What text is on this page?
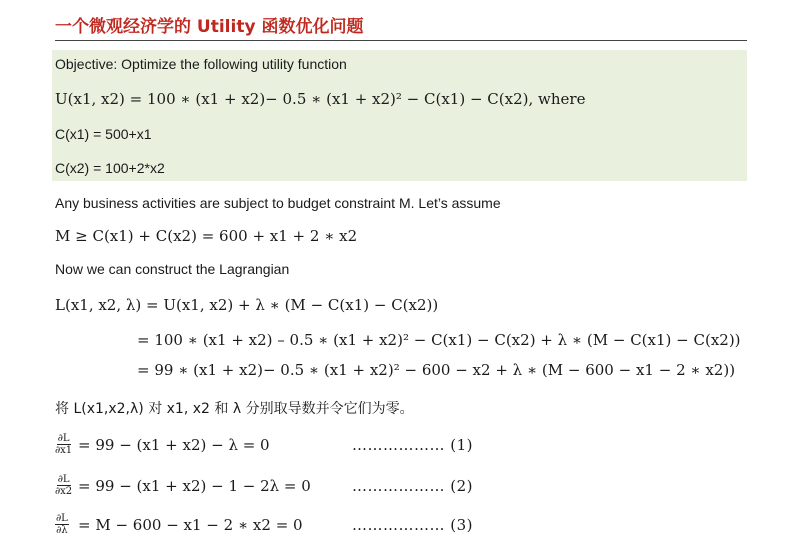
一个微观经济学的 Utility 函数优化问题
Objective: Optimize the following utility function
U(x1, x2) = 100 ∗ (x1 + x2)− 0.5 ∗ (x1 + x2)² − C(x1) − C(x2), where
C(x1) = 500+x1
C(x2) = 100+2*x2
Any business activities are subject to budget constraint M. Let’s assume
M ≥ C(x1) + C(x2) = 600 + x1 + 2 ∗ x2
Now we can construct the Lagrangian
L(x1, x2, λ) = U(x1, x2) + λ ∗ (M − C(x1) − C(x2))
= 100 ∗ (x1 + x2) – 0.5 ∗ (x1 + x2)² − C(x1) − C(x2) + λ ∗ (M − C(x1) − C(x2))
= 99 ∗ (x1 + x2)− 0.5 ∗ (x1 + x2)² − 600 − x2 + λ ∗ (M − 600 − x1 − 2 ∗ x2))
将 L(x1,x2,λ) 对 x1, x2 和 λ 分别取导数并令它们为零。
$\frac{\partial L}{\partial x1} = 99 - (x1 + x2) - \lambda = 0$	……………… (1)
$\frac{\partial L}{\partial x2} = 99 - (x1 + x2) - 1 - 2\lambda = 0$	……………… (2)
$\frac{\partial L}{\partial\lambda} = M - 600 - x1 - 2$ ∗ x2 = 0	……………… (3)
